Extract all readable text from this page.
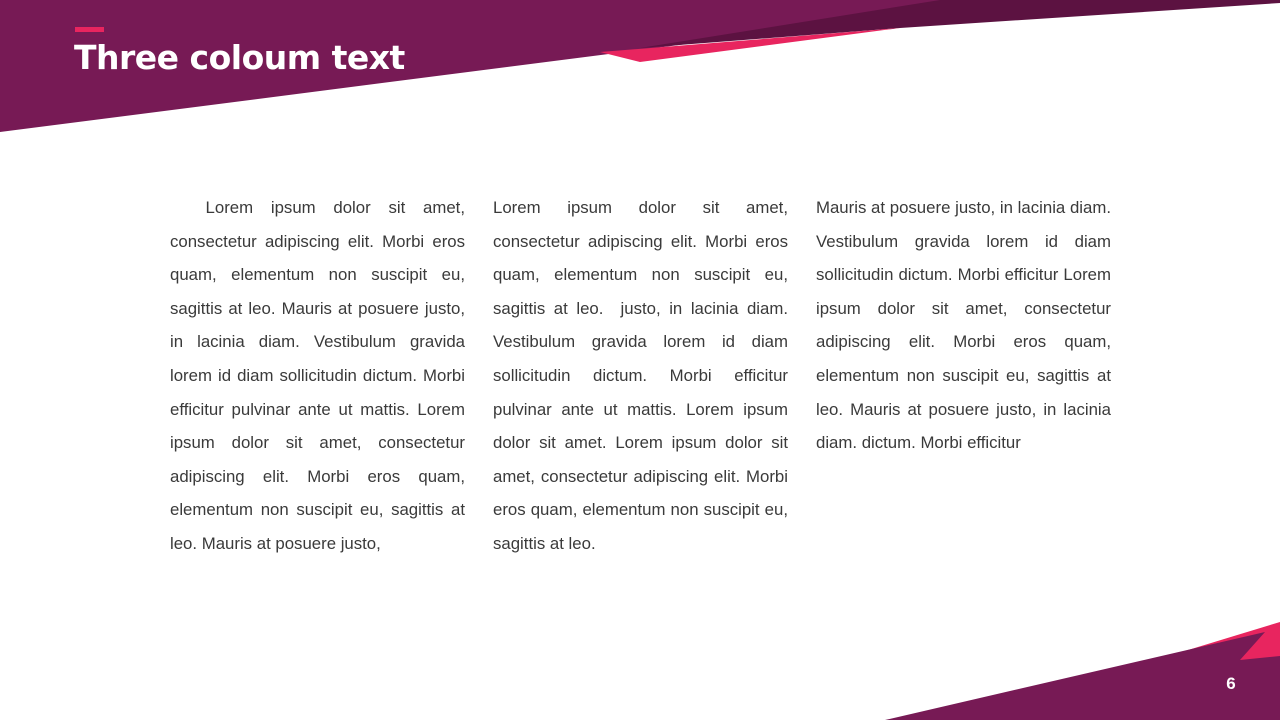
Three coloum text

Lorem ipsum dolor sit amet, consectetur adipiscing elit. Morbi eros quam, elementum non suscipit eu, sagittis at leo. Mauris at posuere justo, in lacinia diam. Vestibulum gravida lorem id diam sollicitudin dictum. Morbi efficitur pulvinar ante ut mattis. Lorem ipsum dolor sit amet, consectetur adipiscing elit. Morbi eros quam, elementum non suscipit eu, sagittis at leo. Mauris at posuere justo,

Lorem ipsum dolor sit amet, consectetur adipiscing elit. Morbi eros quam, elementum non suscipit eu, sagittis at leo.  justo, in lacinia diam. Vestibulum gravida lorem id diam sollicitudin dictum. Morbi efficitur pulvinar ante ut mattis. Lorem ipsum dolor sit amet. Lorem ipsum dolor sit amet, consectetur adipiscing elit. Morbi eros quam, elementum non suscipit eu, sagittis at leo.

Mauris at posuere justo, in lacinia diam. Vestibulum gravida lorem id diam sollicitudin dictum. Morbi efficitur Lorem ipsum dolor sit amet, consectetur adipiscing elit. Morbi eros quam, elementum non suscipit eu, sagittis at leo. Mauris at posuere justo, in lacinia diam. dictum. Morbi efficitur

6
